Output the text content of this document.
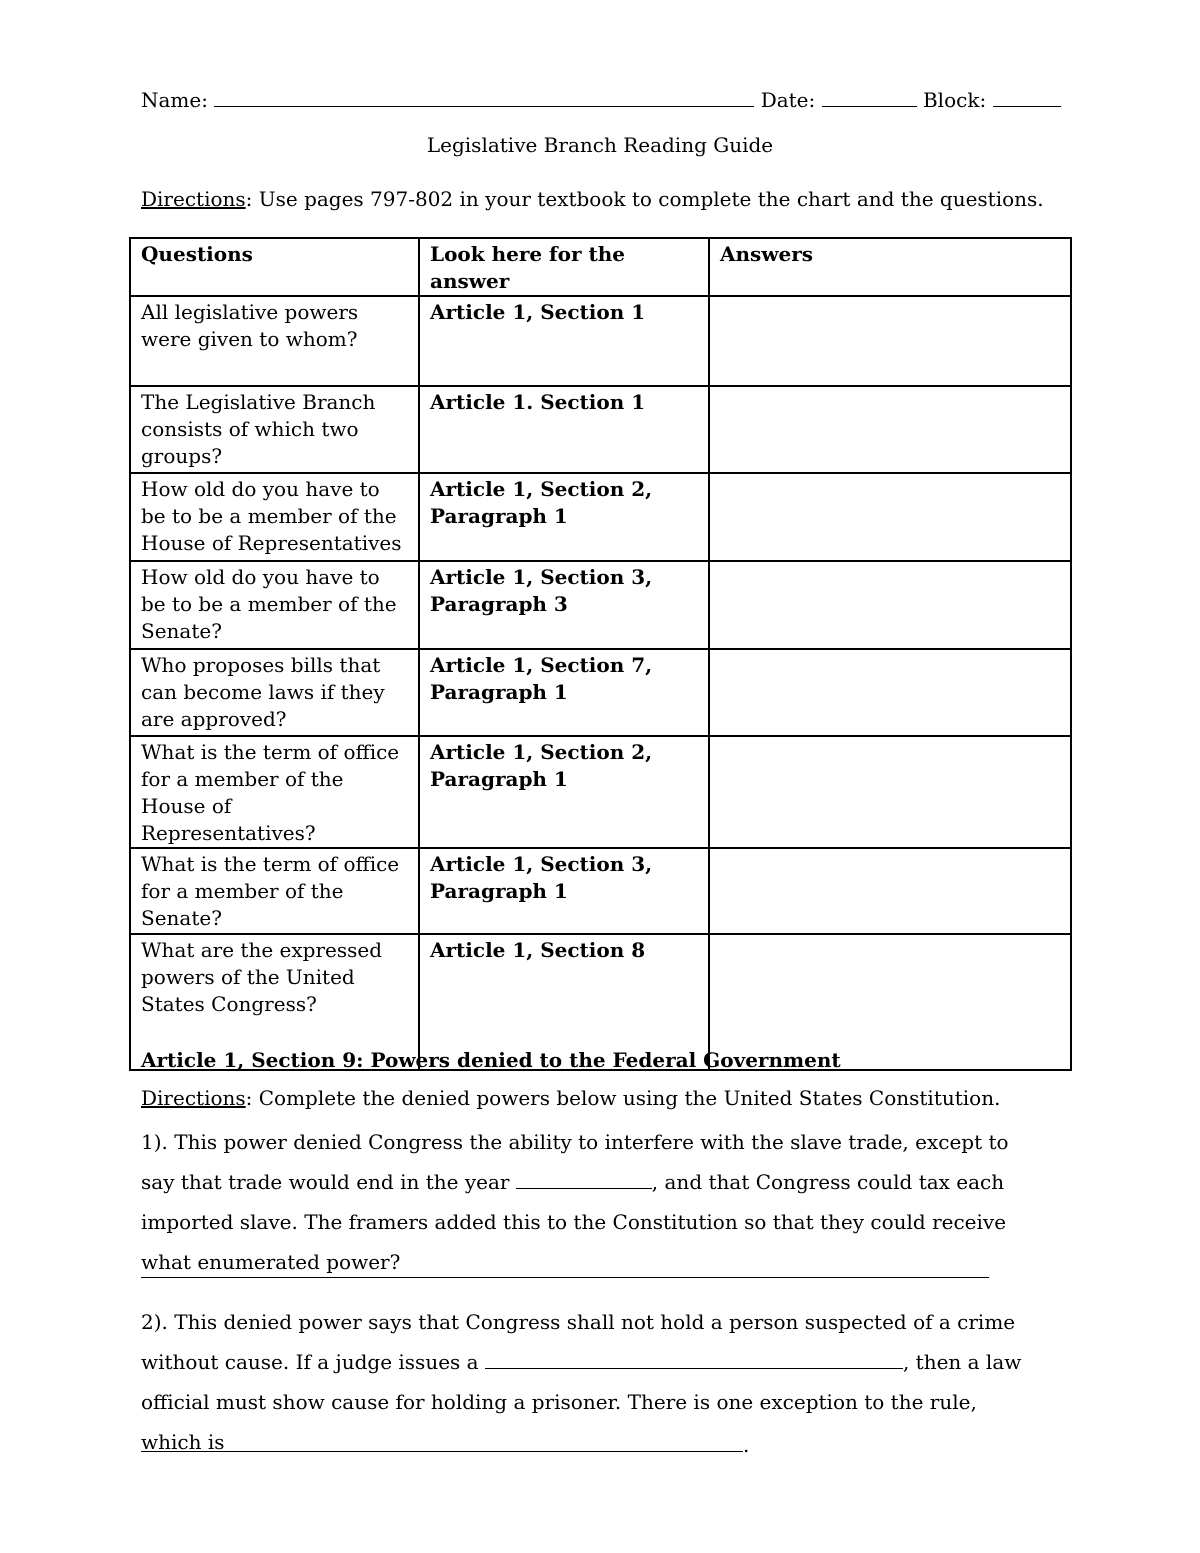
Name:	Date:	Block:
Legislative Branch Reading Guide
Directions: Use pages 797-802 in your textbook to complete the chart and the questions.
Questions	Look here for the answer	Answers
All legislative powers were given to whom?	Article 1, Section 1	
The Legislative Branch consists of which two groups?	Article 1. Section 1	
How old do you have to be to be a member of the House of Representatives	Article 1, Section 2, Paragraph 1	
How old do you have to be to be a member of the Senate?	Article 1, Section 3, Paragraph 3	
Who proposes bills that can become laws if they are approved?	Article 1, Section 7, Paragraph 1	
What is the term of office for a member of the House of Representatives?	Article 1, Section 2, Paragraph 1	
What is the term of office for a member of the Senate?	Article 1, Section 3, Paragraph 1	
What are the expressed powers of the United States Congress?	Article 1, Section 8	
Article 1, Section 9: Powers denied to the Federal Government
Directions: Complete the denied powers below using the United States Constitution.
1). This power denied Congress the ability to interfere with the slave trade, except to say that trade would end in the year	, and that Congress could tax each imported slave. The framers added this to the Constitution so that they could receive what enumerated power?
2). This denied power says that Congress shall not hold a person suspected of a crime without cause. If a judge issues a	, then a law official must show cause for holding a prisoner. There is one exception to the rule, which is	.
